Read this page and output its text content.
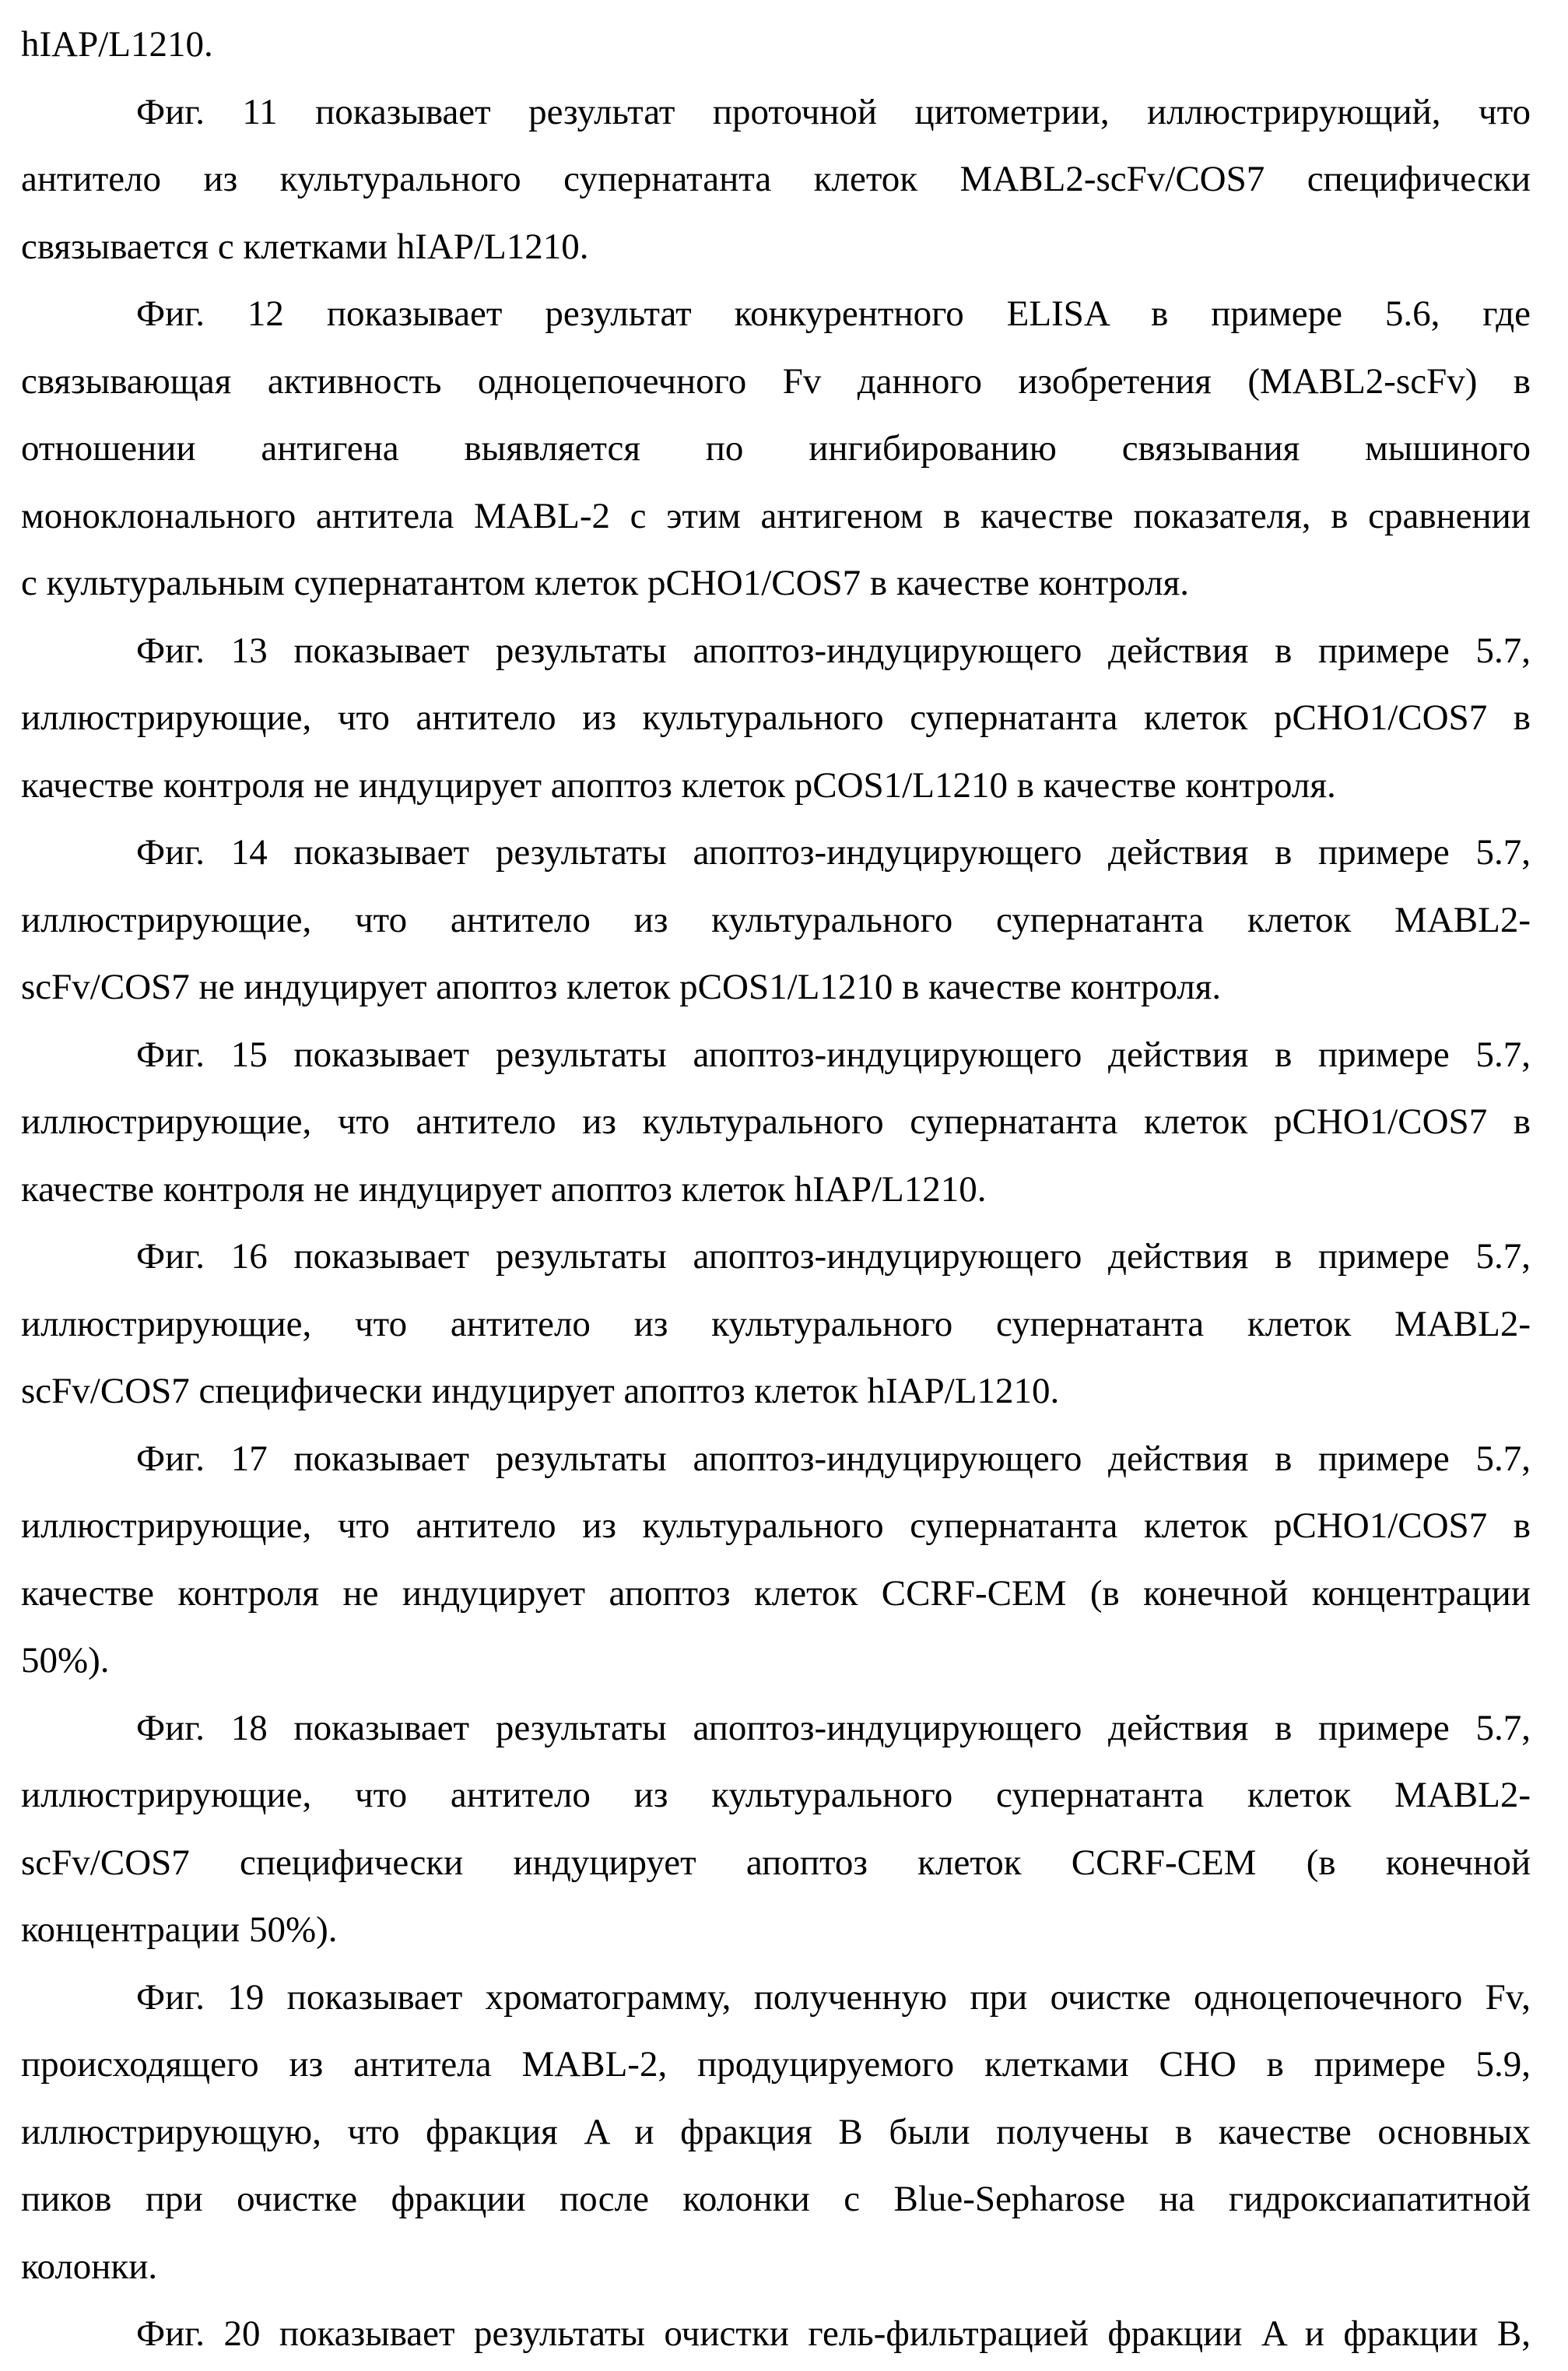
hIAP/L1210.
Фиг. 11 показывает результат проточной цитометрии, иллюстрирующий, что
антитело из культурального супернатанта клеток MABL2-scFv/COS7 специфически
связывается с клетками hIAP/L1210.
Фиг. 12 показывает результат конкурентного ELISA в примере 5.6, где
связывающая активность одноцепочечного Fv данного изобретения (MABL2-scFv) в
отношении антигена выявляется по ингибированию связывания мышиного
моноклонального антитела MABL-2 с этим антигеном в качестве показателя, в сравнении
с культуральным супернатантом клеток pCHO1/COS7 в качестве контроля.
Фиг. 13 показывает результаты апоптоз-индуцирующего действия в примере 5.7,
иллюстрирующие, что антитело из культурального супернатанта клеток pCHO1/COS7 в
качестве контроля не индуцирует апоптоз клеток pCOS1/L1210 в качестве контроля.
Фиг. 14 показывает результаты апоптоз-индуцирующего действия в примере 5.7,
иллюстрирующие, что антитело из культурального супернатанта клеток MABL2-
scFv/COS7 не индуцирует апоптоз клеток pCOS1/L1210 в качестве контроля.
Фиг. 15 показывает результаты апоптоз-индуцирующего действия в примере 5.7,
иллюстрирующие, что антитело из культурального супернатанта клеток pCHO1/COS7 в
качестве контроля не индуцирует апоптоз клеток hIAP/L1210.
Фиг. 16 показывает результаты апоптоз-индуцирующего действия в примере 5.7,
иллюстрирующие, что антитело из культурального супернатанта клеток MABL2-
scFv/COS7 специфически индуцирует апоптоз клеток hIAP/L1210.
Фиг. 17 показывает результаты апоптоз-индуцирующего действия в примере 5.7,
иллюстрирующие, что антитело из культурального супернатанта клеток pCHO1/COS7 в
качестве контроля не индуцирует апоптоз клеток CCRF-CEM (в конечной концентрации
50%).
Фиг. 18 показывает результаты апоптоз-индуцирующего действия в примере 5.7,
иллюстрирующие, что антитело из культурального супернатанта клеток MABL2-
scFv/COS7 специфически индуцирует апоптоз клеток CCRF-CEM (в конечной
концентрации 50%).
Фиг. 19 показывает хроматограмму, полученную при очистке одноцепочечного Fv,
происходящего из антитела MABL-2, продуцируемого клетками CHO в примере 5.9,
иллюстрирующую, что фракция A и фракция B были получены в качестве основных
пиков при очистке фракции после колонки с Blue-Sepharose на гидроксиапатитной
колонки.
Фиг. 20 показывает результаты очистки гель-фильтрацией фракции A и фракции B,
